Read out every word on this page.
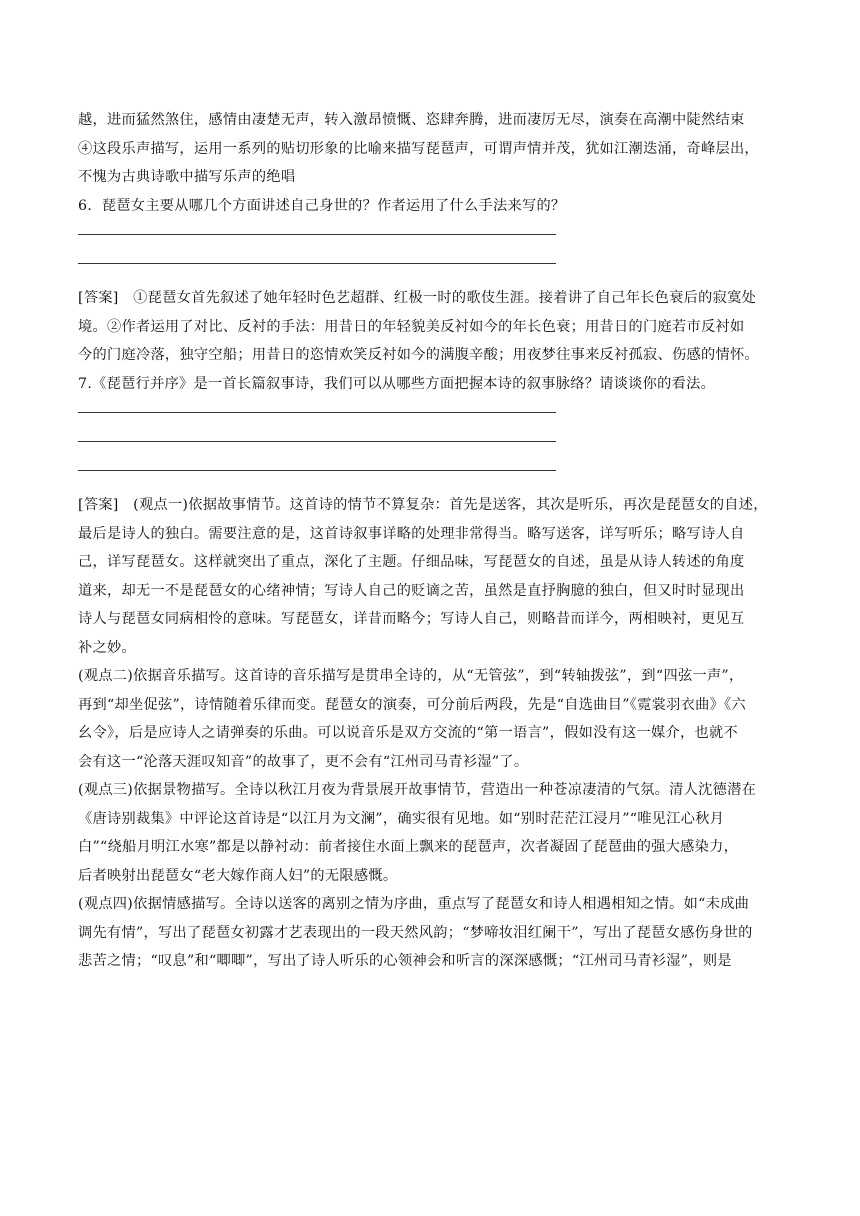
越，进而猛然煞住，感情由凄楚无声，转入激昂愤慨、恣肆奔腾，进而凄厉无尽，演奏在高潮中陡然结束

④这段乐声描写，运用一系列的贴切形象的比喻来描写琵琶声，可谓声情并茂，犹如江潮迭涌，奇峰层出，

不愧为古典诗歌中描写乐声的绝唱

6．琵琶女主要从哪几个方面讲述自己身世的？作者运用了什么手法来写的？

[答案]　①琵琶女首先叙述了她年轻时色艺超群、红极一时的歌伎生涯。接着讲了自己年长色衰后的寂寞处

境。②作者运用了对比、反衬的手法：用昔日的年轻貌美反衬如今的年长色衰；用昔日的门庭若市反衬如

今的门庭冷落，独守空船；用昔日的恣情欢笑反衬如今的满腹辛酸；用夜梦往事来反衬孤寂、伤感的情怀。

7.《琵琶行并序》是一首长篇叙事诗，我们可以从哪些方面把握本诗的叙事脉络？请谈谈你的看法。

[答案]　(观点一)依据故事情节。这首诗的情节不算复杂：首先是送客，其次是听乐，再次是琵琶女的自述，

最后是诗人的独白。需要注意的是，这首诗叙事详略的处理非常得当。略写送客，详写听乐；略写诗人自

己，详写琵琶女。这样就突出了重点，深化了主题。仔细品味，写琵琶女的自述，虽是从诗人转述的角度

道来，却无一不是琵琶女的心绪神情；写诗人自己的贬谪之苦，虽然是直抒胸臆的独白，但又时时显现出

诗人与琵琶女同病相怜的意味。写琵琶女，详昔而略今；写诗人自己，则略昔而详今，两相映衬，更见互

补之妙。

(观点二)依据音乐描写。这首诗的音乐描写是贯串全诗的，从“无管弦”，到“转轴拨弦”，到“四弦一声”，

再到“却坐促弦”，诗情随着乐律而变。琵琶女的演奏，可分前后两段，先是“自选曲目”《霓裳羽衣曲》《六

幺令》，后是应诗人之请弹奏的乐曲。可以说音乐是双方交流的“第一语言”，假如没有这一媒介，也就不

会有这一“沦落天涯叹知音”的故事了，更不会有“江州司马青衫湿”了。

(观点三)依据景物描写。全诗以秋江月夜为背景展开故事情节，营造出一种苍凉凄清的气氛。清人沈德潜在

《唐诗别裁集》中评论这首诗是“以江月为文澜”，确实很有见地。如“别时茫茫江浸月”“唯见江心秋月

白”“绕船月明江水寒”都是以静衬动：前者接住水面上飘来的琵琶声，次者凝固了琵琶曲的强大感染力，

后者映射出琵琶女“老大嫁作商人妇”的无限感慨。

(观点四)依据情感描写。全诗以送客的离别之情为序曲，重点写了琵琶女和诗人相遇相知之情。如“未成曲

调先有情”，写出了琵琶女初露才艺表现出的一段天然风韵；“梦啼妆泪红阑干”，写出了琵琶女感伤身世的

悲苦之情；“叹息”和“唧唧”，写出了诗人听乐的心领神会和听言的深深感慨；“江州司马青衫湿”，则是
